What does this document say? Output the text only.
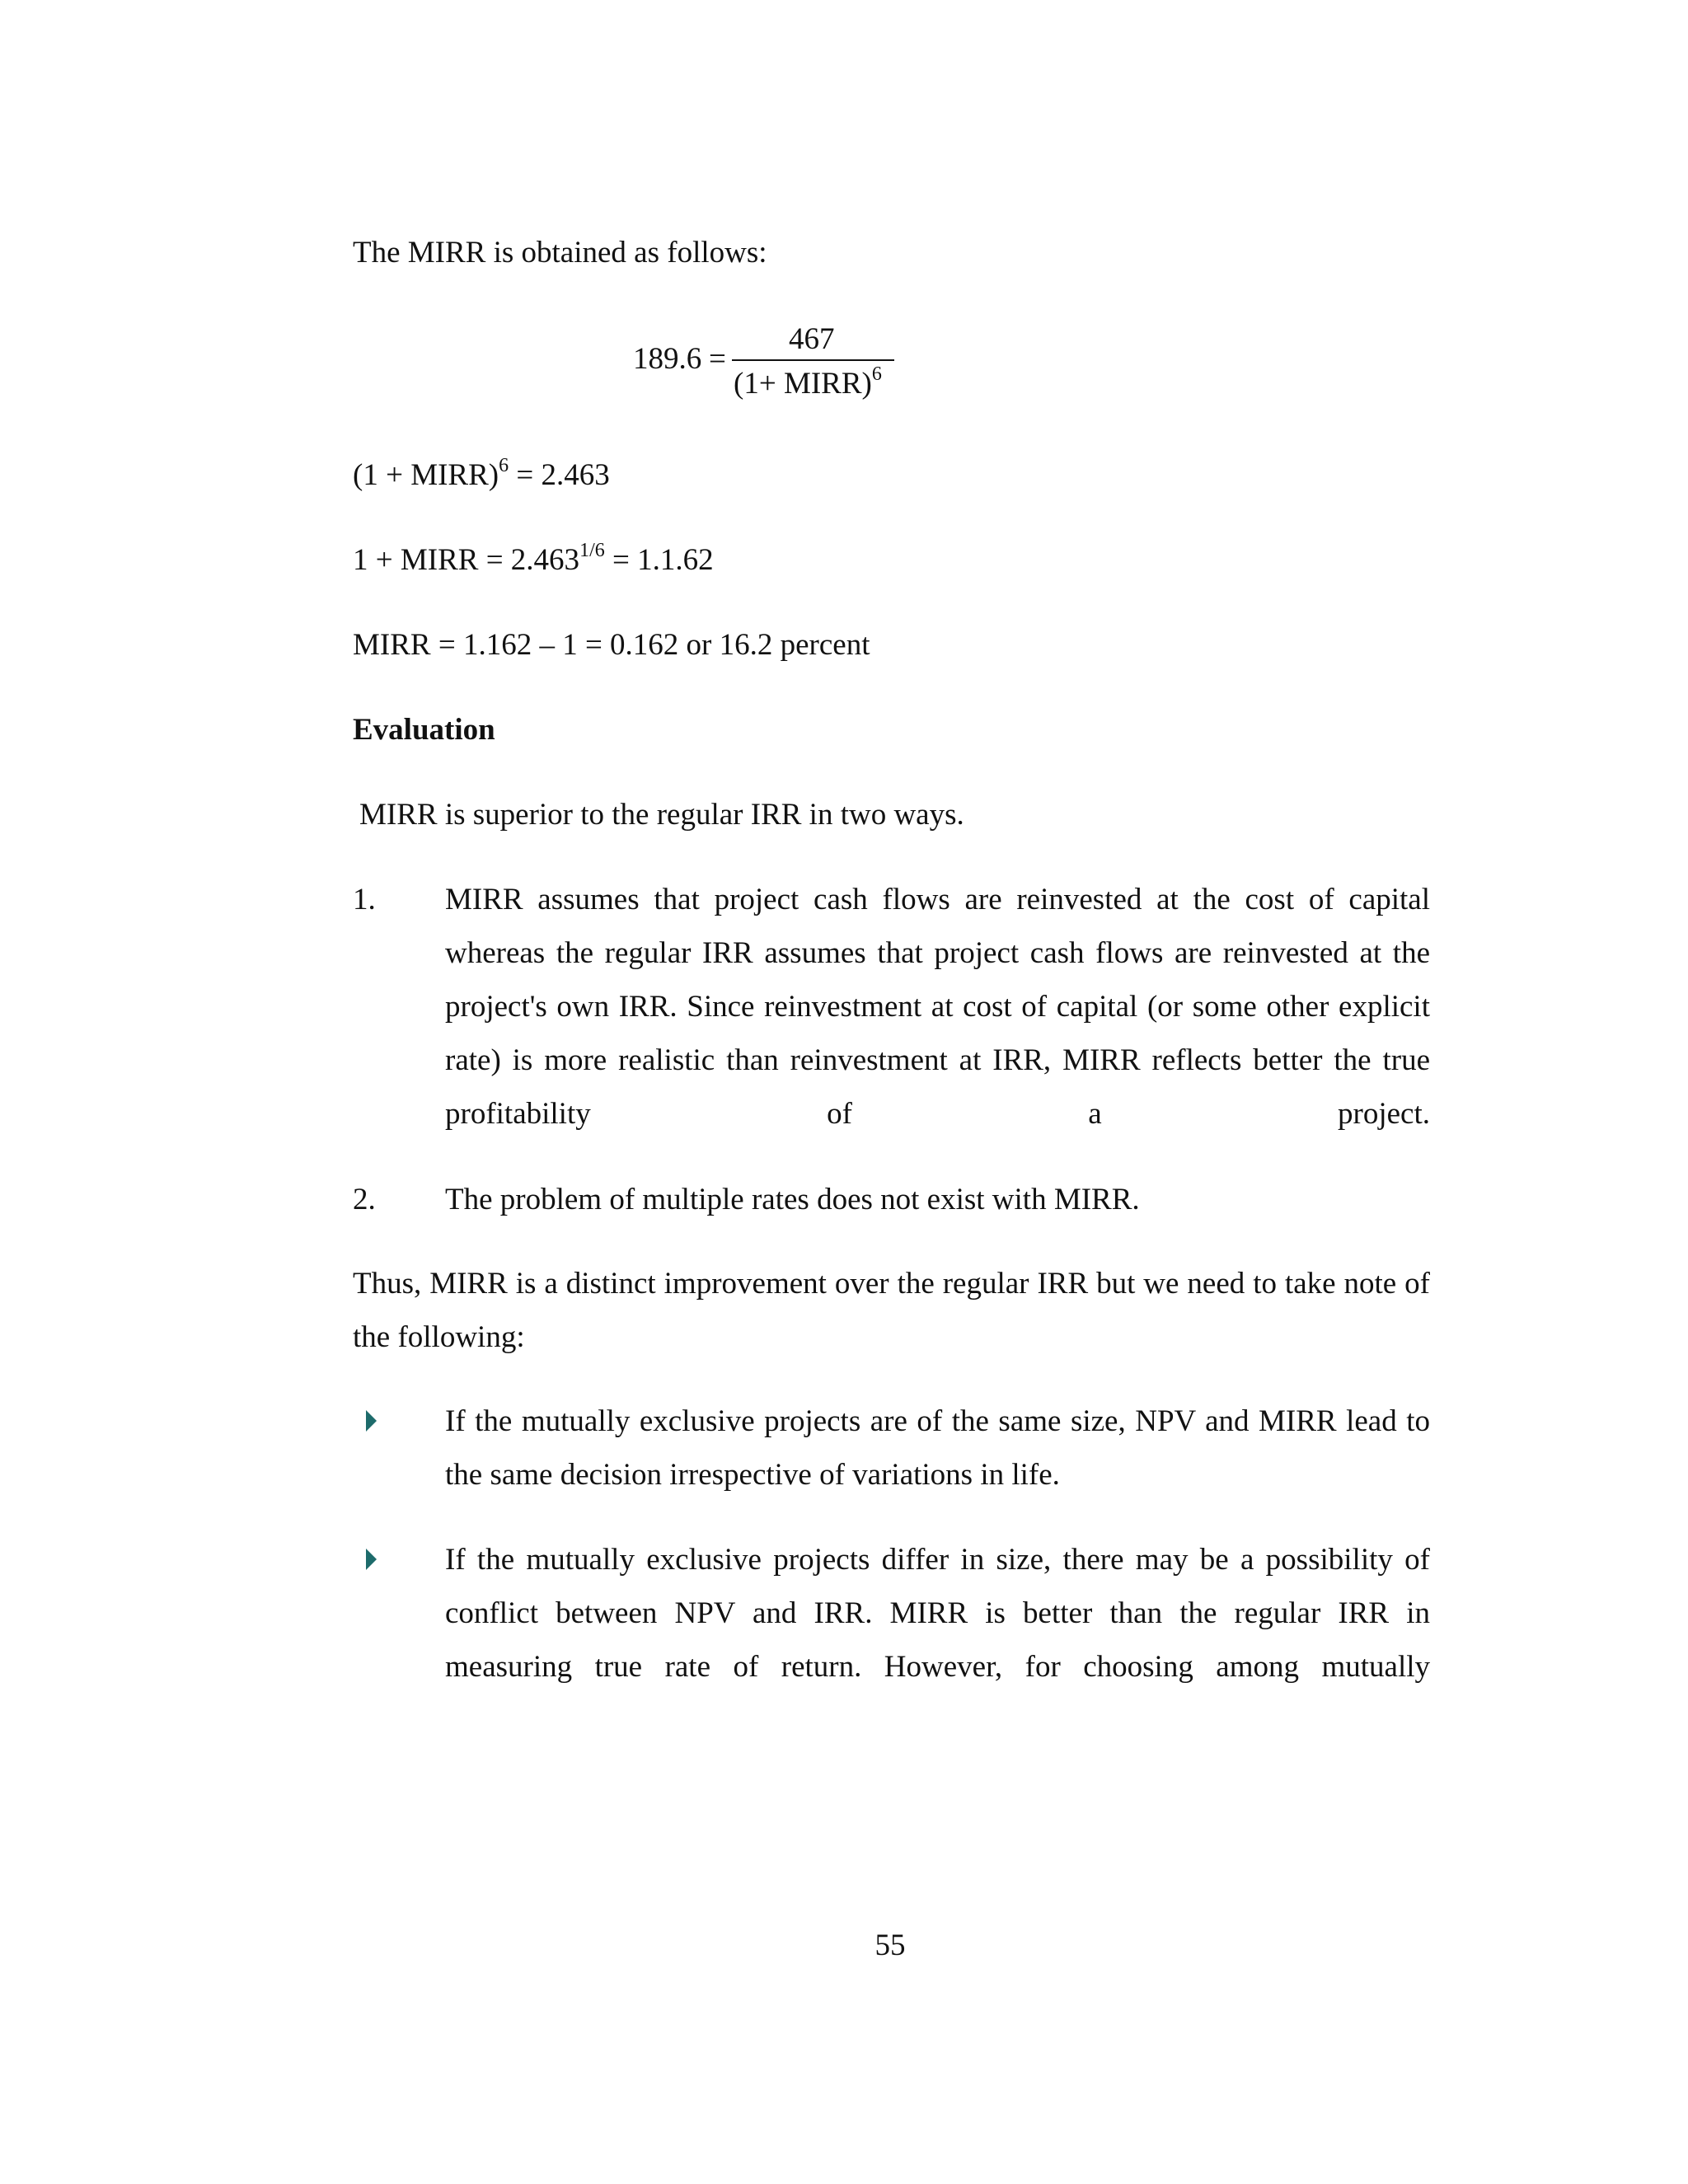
The MIRR is obtained as follows:
189.6 =
467
(1+ MIRR)$^6$
(1 + MIRR)$^6$ = 2.463
1 + MIRR = $2.463^{1/6} = 1.1.62$
MIRR = 1.162 – 1 = 0.162 or 16.2 percent
Evaluation
MIRR is superior to the regular IRR in two ways.
1. MIRR assumes that project cash flows are reinvested at the cost of capital whereas the regular IRR assumes that project cash flows are reinvested at the project's own IRR. Since reinvestment at cost of capital (or some other explicit rate) is more realistic than reinvestment at IRR, MIRR reflects better the true profitability of a project.
2. The problem of multiple rates does not exist with MIRR.
Thus, MIRR is a distinct improvement over the regular IRR but we need to take note of the following:
If the mutually exclusive projects are of the same size, NPV and MIRR lead to the same decision irrespective of variations in life.
If the mutually exclusive projects differ in size, there may be a possibility of conflict between NPV and IRR. MIRR is better than the regular IRR in measuring true rate of return. However, for choosing among mutually
55
